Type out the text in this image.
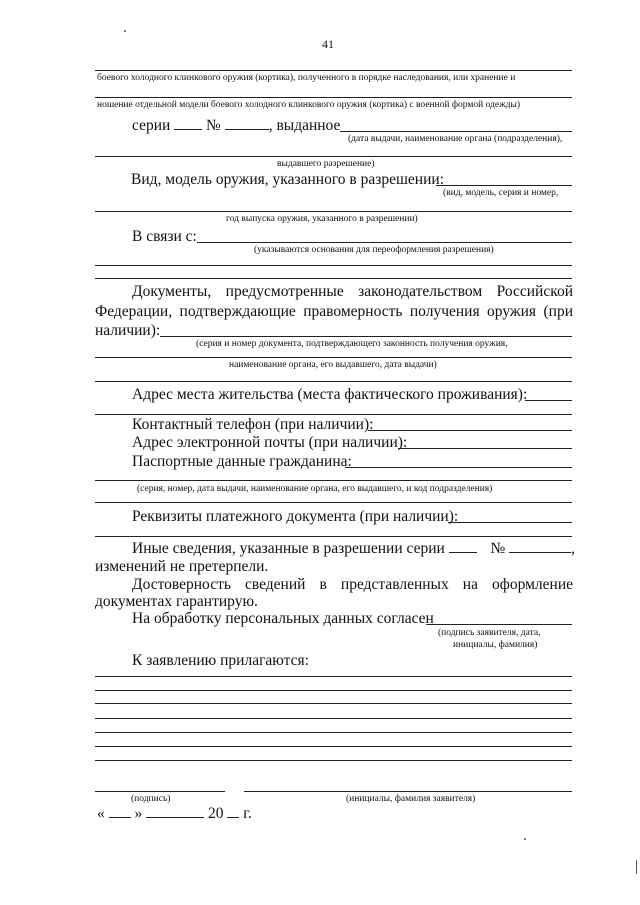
41
боевого холодного клинкового оружия (кортика), полученного в порядке наследования, или хранение и
ношение отдельной модели боевого холодного клинкового оружия (кортика) с военной формой одежды)
серии №	, выданное
(дата выдачи, наименование органа (подразделения),
выдавшего разрешение)
Вид, модель оружия, указанного в разрешении:
(вид, модель, серия и номер,
год выпуска оружия, указанного в разрешении)
В связи с:
(указываются основания для переоформления разрешения)
Документы, предусмотренные законодательством Российской
Федерации, подтверждающие правомерность получения оружия (при
наличии):
(серия и номер документа, подтверждающего законность получения оружия,
наименование органа, его выдавшего, дата выдачи)
Адрес места жительства (места фактического проживания):
Контактный телефон (при наличии):
Адрес электронной почты (при наличии):
Паспортные данные гражданина:
(серия, номер, дата выдачи, наименование органа, его выдавшего, и код подразделения)
Реквизиты платежного документа (при наличии):
Иные сведения, указанные в разрешении серии	№	,
изменений не претерпели.
Достоверность сведений в представленных на оформление
документах гарантирую.
На обработку персональных данных согласен
(подпись заявителя, дата,
инициалы, фамилия)
К заявлению прилагаются:
(подпись)	(инициалы, фамилия заявителя)
« »	20 г.
